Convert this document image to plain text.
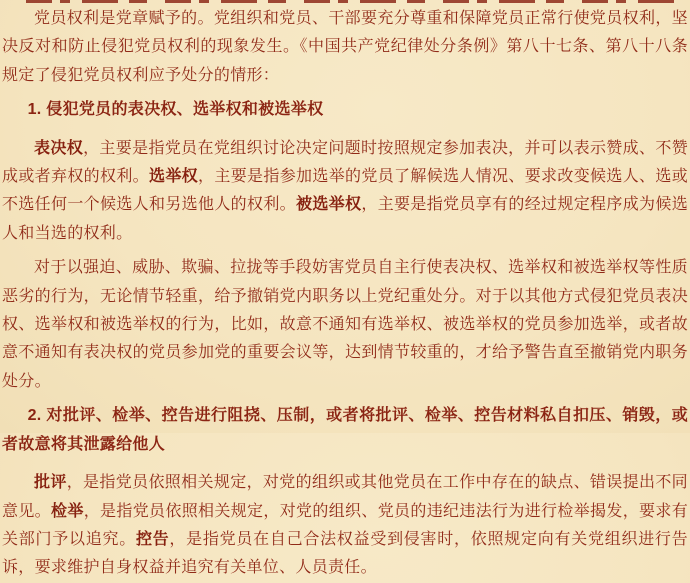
党员权利是党章赋予的。党组织和党员、干部要充分尊重和保障党员正常行使党员权利，坚决反对和防止侵犯党员权利的现象发生。《中国共产党纪律处分条例》第八十七条、第八十八条规定了侵犯党员权利应予处分的情形：

1. 侵犯党员的表决权、选举权和被选举权

表决权，主要是指党员在党组织讨论决定问题时按照规定参加表决，并可以表示赞成、不赞成或者弃权的权利。选举权，主要是指参加选举的党员了解候选人情况、要求改变候选人、选或不选任何一个候选人和另选他人的权利。被选举权，主要是指党员享有的经过规定程序成为候选人和当选的权利。

对于以强迫、威胁、欺骗、拉拢等手段妨害党员自主行使表决权、选举权和被选举权等性质恶劣的行为，无论情节轻重，给予撤销党内职务以上党纪重处分。对于以其他方式侵犯党员表决权、选举权和被选举权的行为，比如，故意不通知有选举权、被选举权的党员参加选举，或者故意不通知有表决权的党员参加党的重要会议等，达到情节较重的，才给予警告直至撤销党内职务处分。

2. 对批评、检举、控告进行阻挠、压制，或者将批评、检举、控告材料私自扣压、销毁，或者故意将其泄露给他人

批评，是指党员依照相关规定，对党的组织或其他党员在工作中存在的缺点、错误提出不同意见。检举，是指党员依照相关规定，对党的组织、党员的违纪违法行为进行检举揭发，要求有关部门予以追究。控告，是指党员在自己合法权益受到侵害时，依照规定向有关党组织进行告诉，要求维护自身权益并追究有关单位、人员责任。
